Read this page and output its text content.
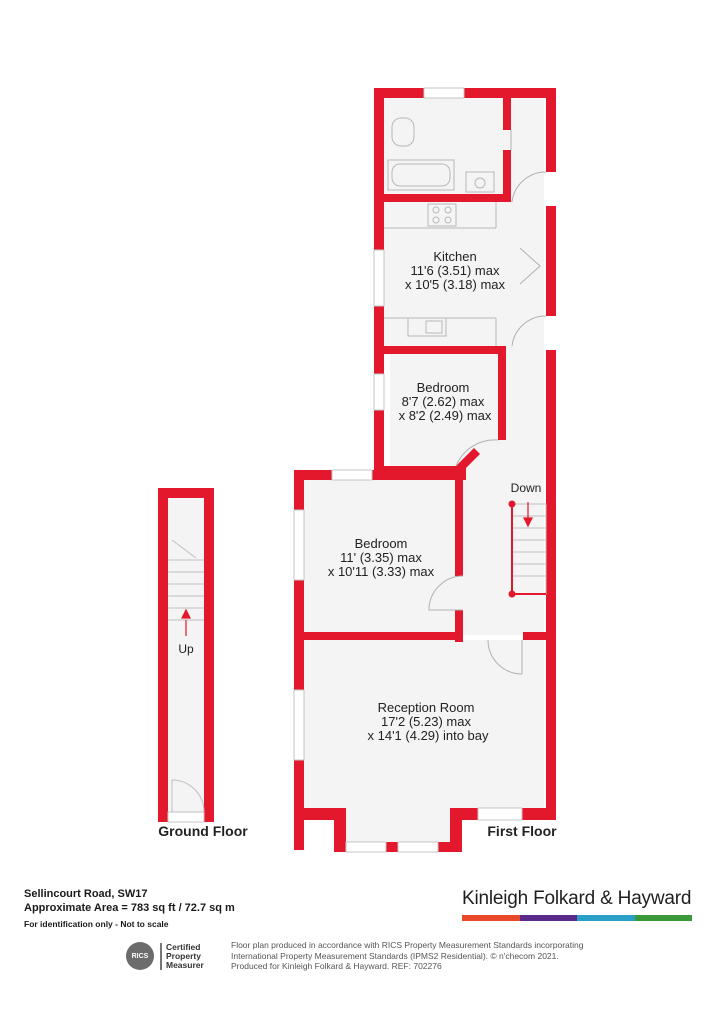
Kitchen
11'6 (3.51) max
x 10'5 (3.18) max
Bedroom
8'7 (2.62) max
x 8'2 (2.49) max
Bedroom
11' (3.35) max
x 10'11 (3.33) max
Reception Room
17'2 (5.23) max
x 14'1 (4.29) into bay
Down
Up
Ground Floor	First Floor
Sellincourt Road, SW17
Approximate Area = 783 sq ft / 72.7 sq m
For identification only - Not to scale
Kinleigh Folkard & Hayward
RICS
Certified
Property
Measurer
Floor plan produced in accordance with RICS Property Measurement Standards incorporating
International Property Measurement Standards (IPMS2 Residential). © n'checom 2021.
Produced for Kinleigh Folkard & Hayward. REF: 702276
